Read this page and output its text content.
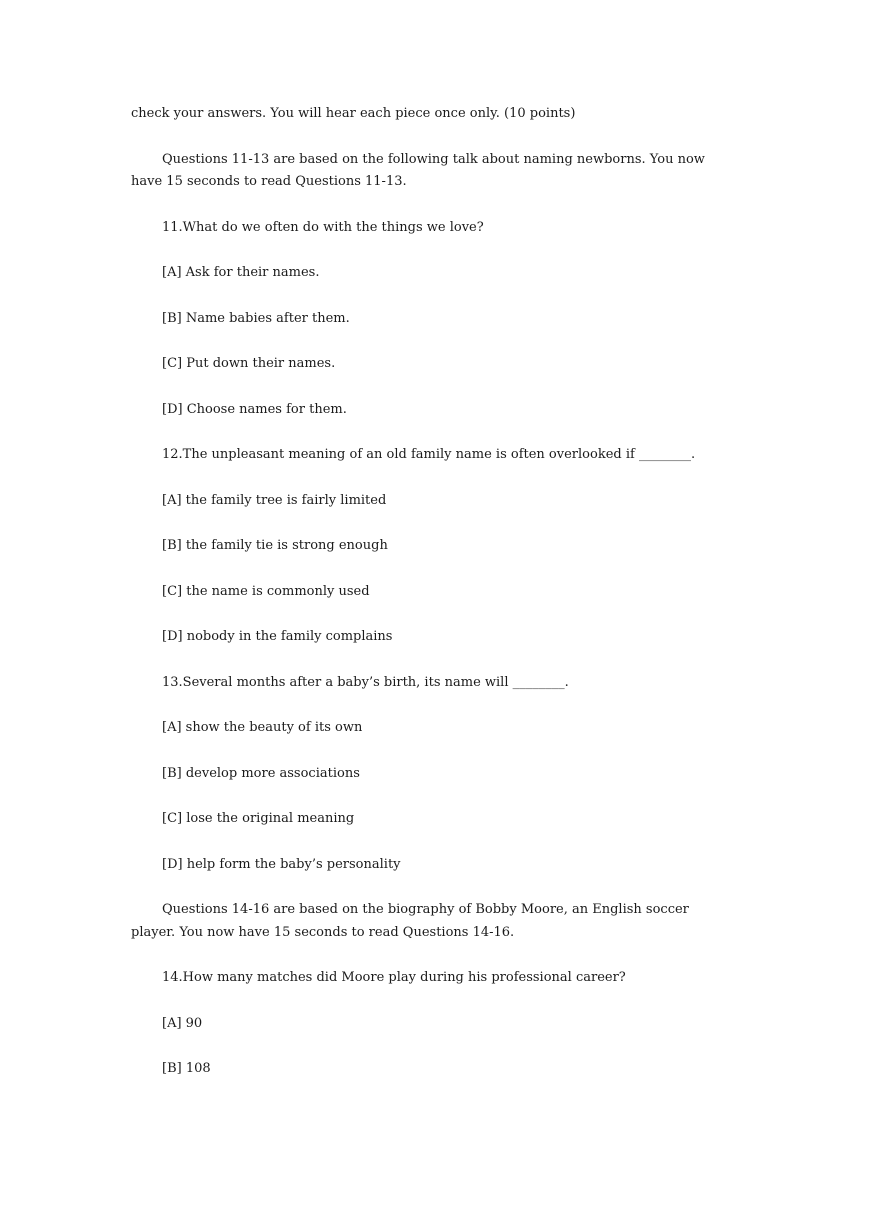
check your answers. You will hear each piece once only. (10 points)
Questions 11-13 are based on the following talk about naming newborns. You now
have 15 seconds to read Questions 11-13.
11.What do we often do with the things we love?
[A] Ask for their names.
[B] Name babies after them.
[C] Put down their names.
[D] Choose names for them.
12.The unpleasant meaning of an old family name is often overlooked if ________.
[A] the family tree is fairly limited
[B] the family tie is strong enough
[C] the name is commonly used
[D] nobody in the family complains
13.Several months after a baby’s birth, its name will ________.
[A] show the beauty of its own
[B] develop more associations
[C] lose the original meaning
[D] help form the baby’s personality
Questions 14-16 are based on the biography of Bobby Moore, an English soccer
player. You now have 15 seconds to read Questions 14-16.
14.How many matches did Moore play during his professional career?
[A] 90
[B] 108
